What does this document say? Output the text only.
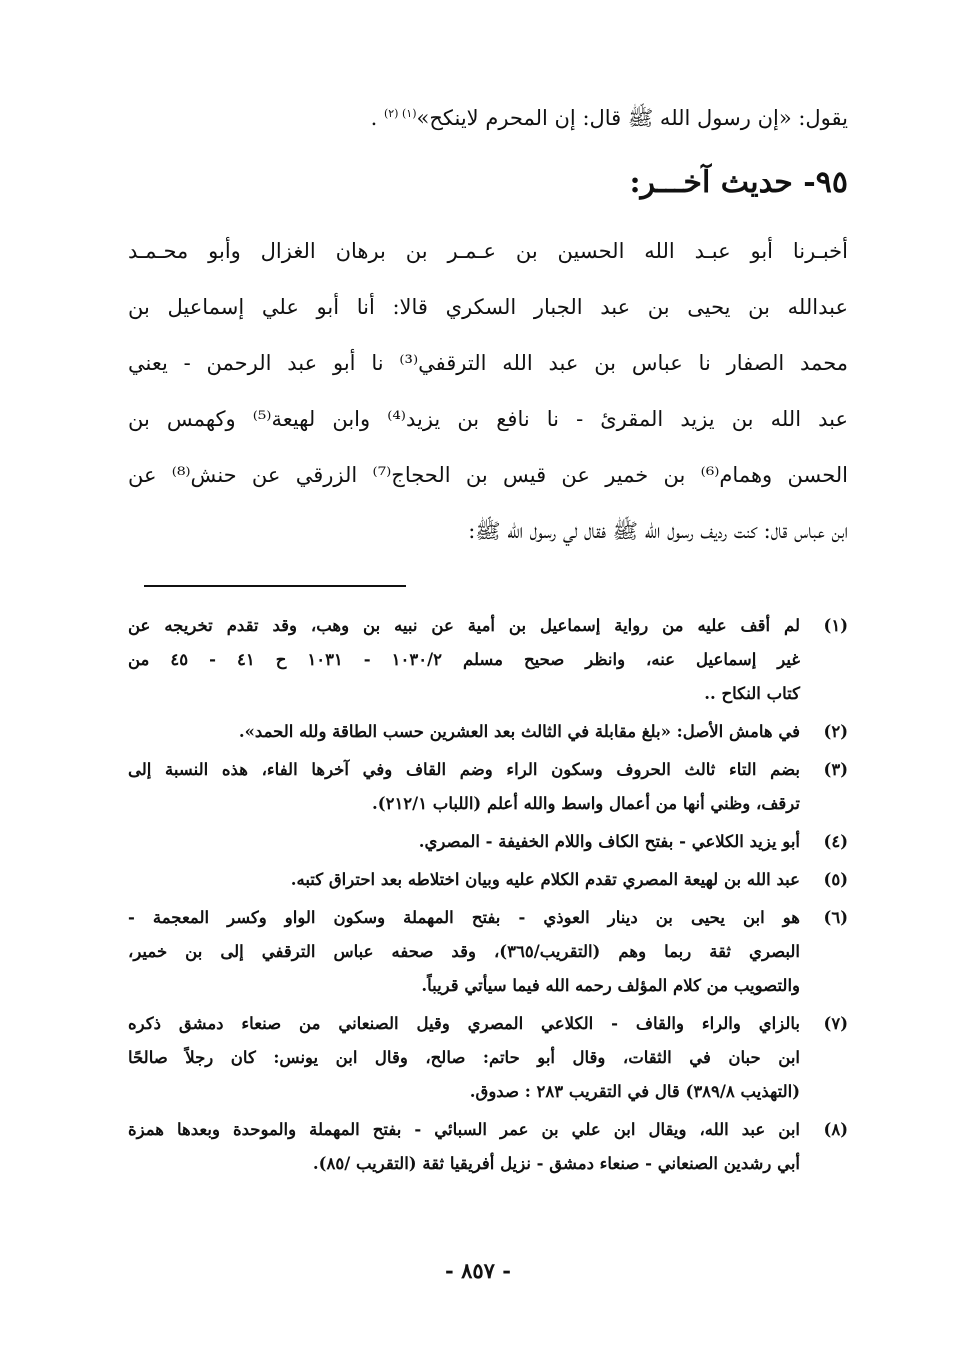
يقول: «إن رسول الله ﷺ قال: إن المحرم لاينكح»$^{(١) (٢)}$ .

٩٥- حديث آخـــر:
أخبـرنا أبو عبـد الله الحسين بن عـمـر بن برهان الغزال وأبو محـمـد
عبدالله بن يحيى بن عبد الجبار السكري قالا: أنا أبو علي إسماعيل بن
محمد الصفار نا عباس بن عبد الله الترقفي⁽³⁾ نا أبو عبد الرحمن - يعني
عبد الله بن يزيد المقرئ - نا نافع بن يزيد⁽⁴⁾ وابن لهيعة⁽⁵⁾ وكهمس بن
الحسن وهمام⁽⁶⁾ بن خمير عن قيس بن الحجاج⁽⁷⁾ الزرقي عن حنش⁽⁸⁾ عن
ابن عباس قال: كنت رديف رسول الله ﷺ فقال لي رسول الله ﷺ:
(١)
لم أقف عليه من رواية إسماعيل بن أمية عن نبيه بن وهب، وقد تقدم تخريجه عن
غير إسماعيل عنه، وانظر صحيح مسلم ١٠٣٠/٢ - ١٠٣١ ح ٤١ - ٤٥ من
كتاب النكاح ..
(٢)
في هامش الأصل: «بلغ مقابلة في الثالث بعد العشرين حسب الطاقة ولله الحمد».
(٣)
بضم التاء ثالث الحروف وسكون الراء وضم القاف وفي آخرها الفاء، هذه النسبة إلى
ترقف، وظني أنها من أعمال واسط والله أعلم (اللباب ٢١٢/١).
(٤)
أبو يزيد الكلاعي - بفتح الكاف واللام الخفيفة - المصري.
(٥)
عبد الله بن لهيعة المصري تقدم الكلام عليه وبيان اختلاطه بعد احتراق كتبه.
(٦)
هو ابن يحيى بن دينار العوذي - بفتح المهملة وسكون الواو وكسر المعجمة -
البصري ثقة ربما وهم (التقريب/٣٦٥)، وقد صحفه عباس الترقفي إلى بن خمير،
والتصويب من كلام المؤلف رحمه الله فيما سيأتي قريباً.
(٧)
بالزاي والراء والقاف - الكلاعي المصري وقيل الصنعاني من صنعاء دمشق ذكره
ابن حبان في الثقات، وقال أبو حاتم: صالح، وقال ابن يونس: كان رجلاً صالحًا
(التهذيب ٣٨٩/٨) قال في التقريب ٢٨٣ : صدوق.
(٨)
ابن عبد الله، ويقال ابن علي بن عمر السبائي - بفتح المهملة والموحدة وبعدها همزة
أبي رشدين الصنعاني - صنعاء دمشق - نزيل أفريقيا ثقة (التقريب /٨٥).
- ٨٥٧ -
